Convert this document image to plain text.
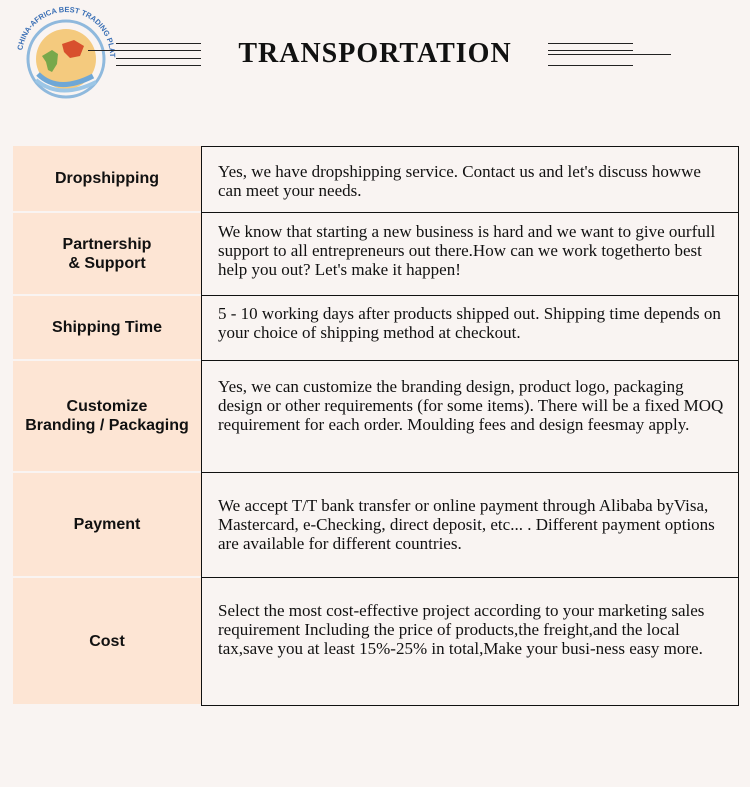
CHINA-AFRICA BEST TRADING PL T	TRANSPORTATION
Dropshipping	Yes, we have dropshipping service. Contact us and let's discuss howwe can meet your needs.
Partnership
& Support
We know that starting a new business is hard and we want to give ourfull support to all entrepreneurs out there.How can we work togetherto best help you out? Let's make it happen!
Shipping Time
5 - 10 working days after products shipped out. Shipping time depends on your choice of shipping method at checkout.
Customize
Branding / Packaging
Yes, we can customize the branding design, product logo, packaging design or other requirements (for some items). There will be a fixed MOQ requirement for each order. Moulding fees and design feesmay apply.
Payment
We accept T/T bank transfer or online payment through Alibaba byVisa, Mastercard, e-Checking, direct deposit, etc... . Different payment options are available for different countries.
Cost
Select the most cost-effective project according to your marketing sales requirement Including the price of products,the freight,and the local tax,save you at least 15%-25% in total,Make your busi-ness easy more.
